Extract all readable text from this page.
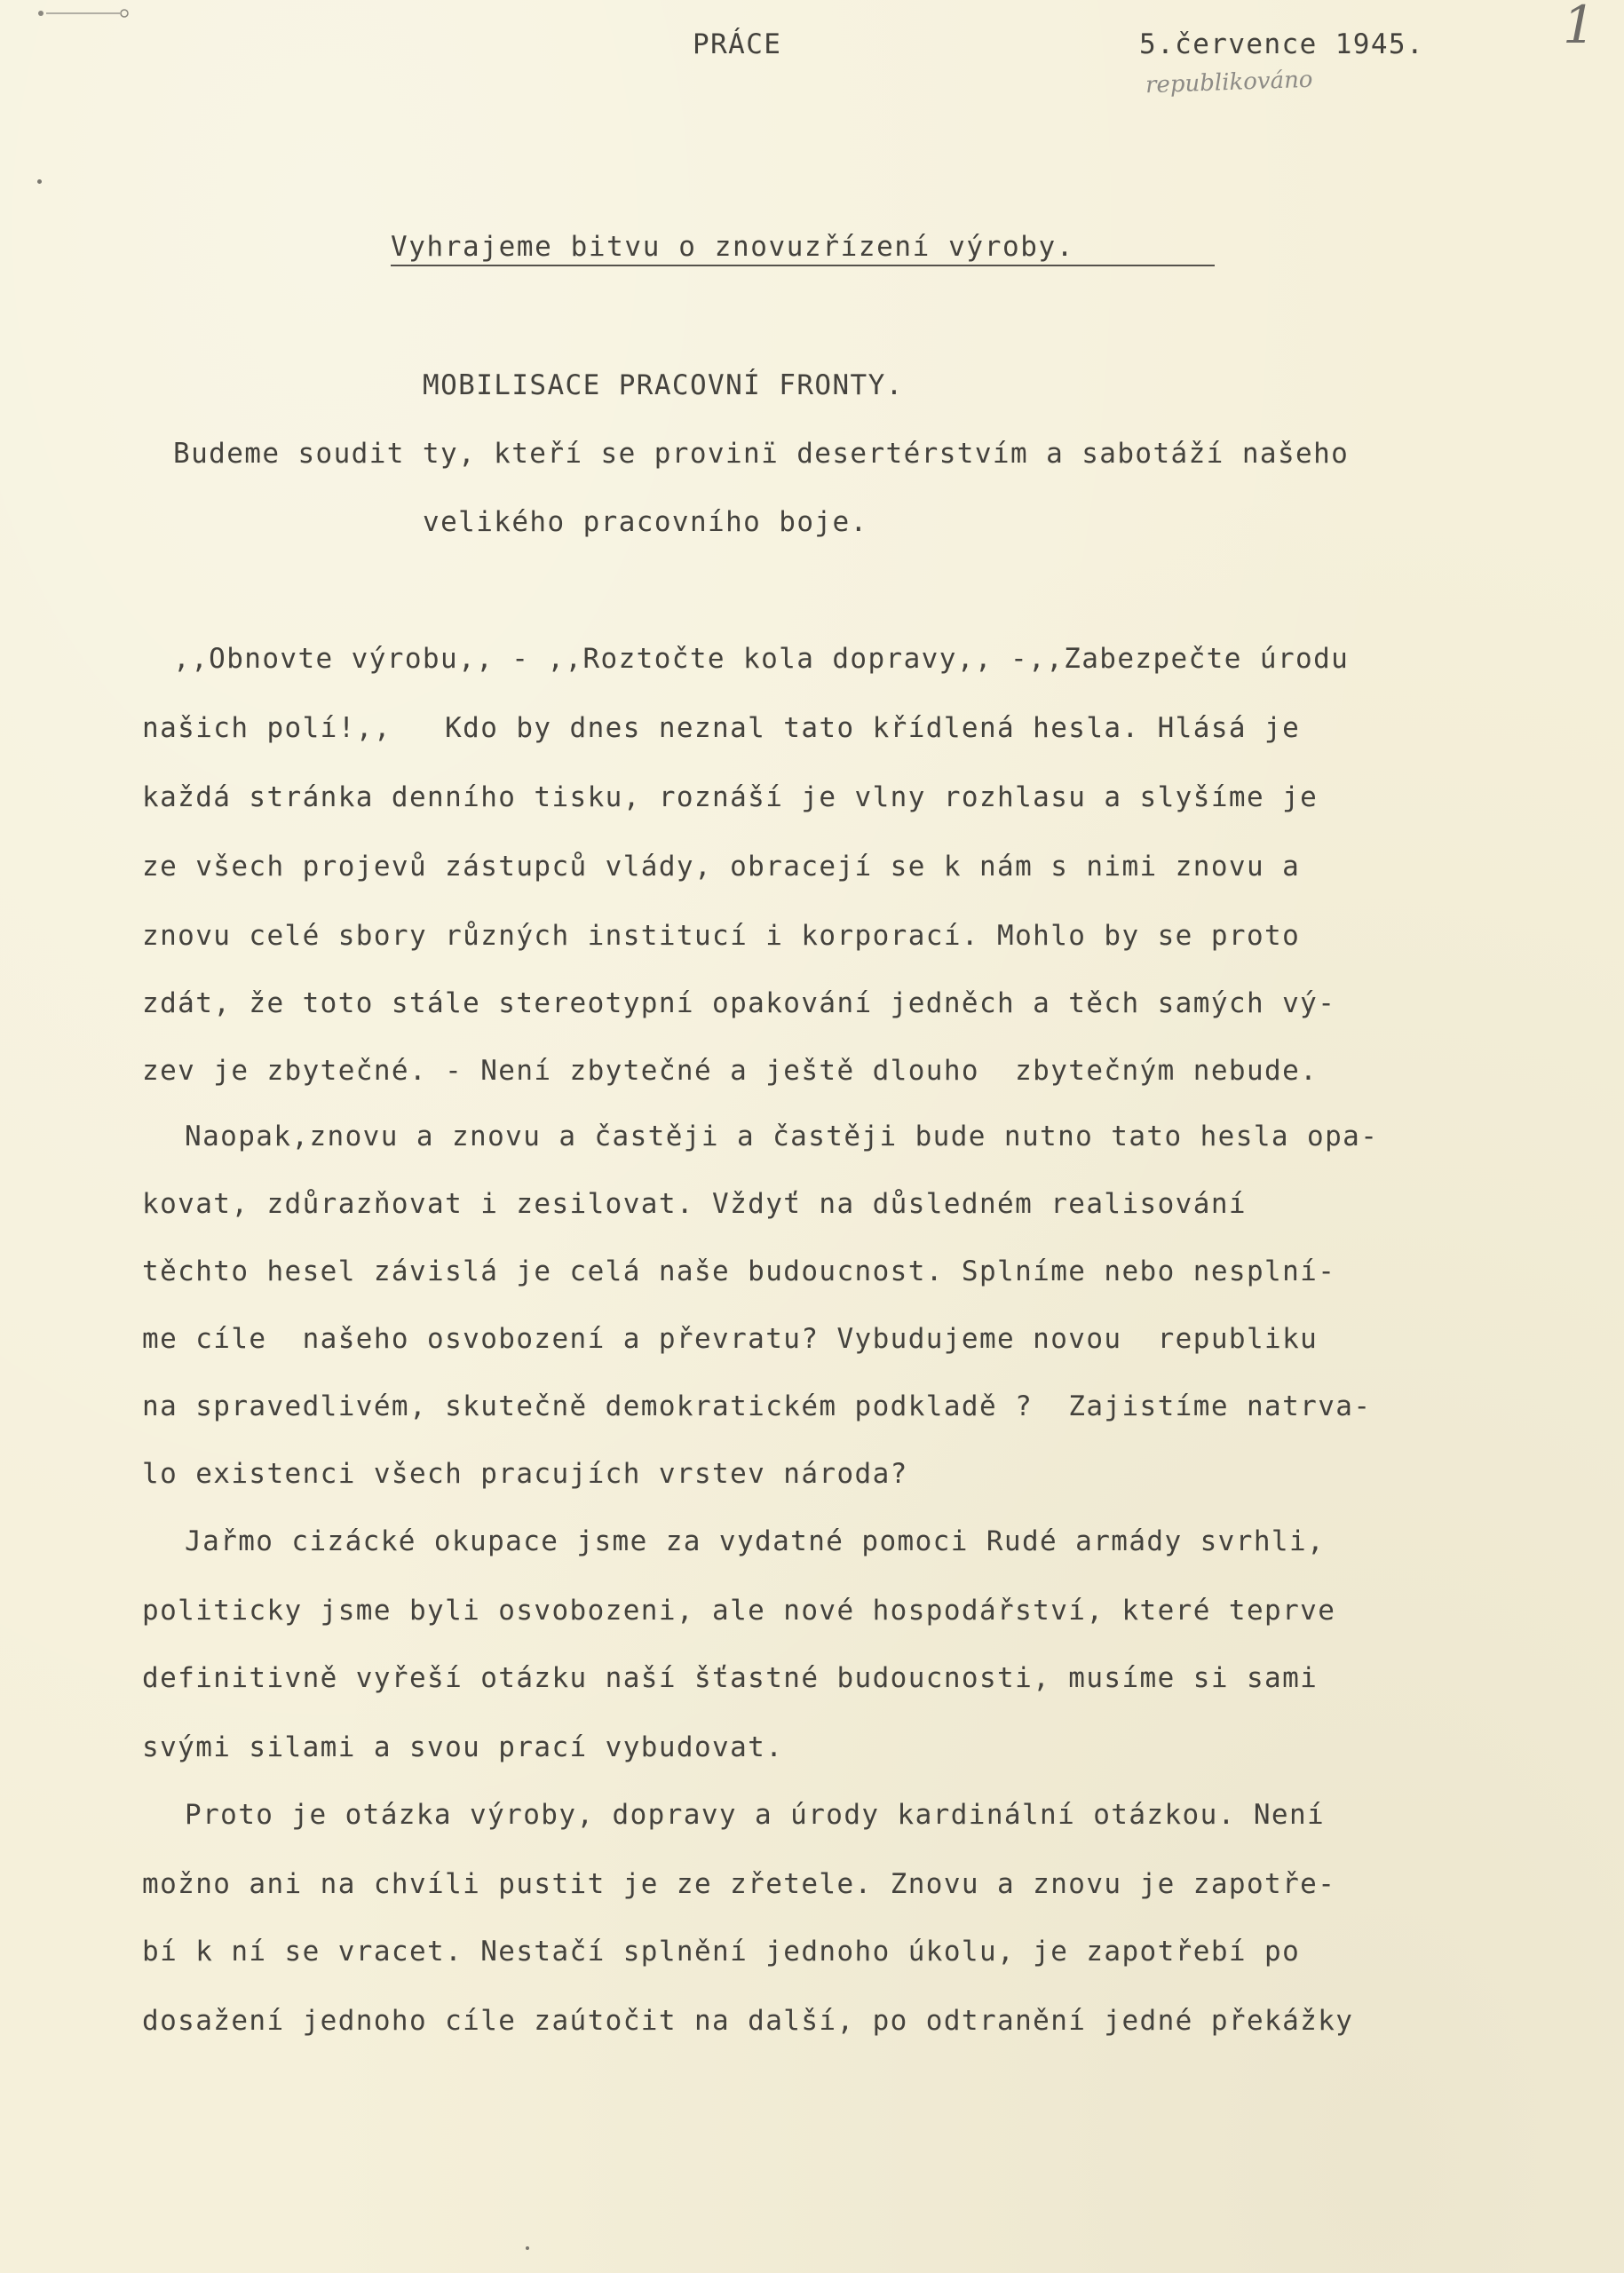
PRÁCE	5.července 1945.
republikováno
1
Vyhrajeme bitvu o znovuzřízení výroby.
MOBILISACE PRACOVNÍ FRONTY.
Budeme soudit ty, kteří se provinï desertérstvím a sabotáží našeho
velikého pracovního boje.
,,Obnovte výrobu,, - ,,Roztočte kola dopravy,, -,,Zabezpečte úrodu
našich polí!,,   Kdo by dnes neznal tato křídlená hesla. Hlásá je
každá stránka denního tisku, roznáší je vlny rozhlasu a slyšíme je
ze všech projevů zástupců vlády, obracejí se k nám s nimi znovu a
znovu celé sbory různých institucí i korporací. Mohlo by se proto
zdát, že toto stále stereotypní opakování jedněch a těch samých vý-
zev je zbytečné. - Není zbytečné a ještě dlouho  zbytečným nebude.
Naopak,znovu a znovu a častěji a častěji bude nutno tato hesla opa-
kovat, zdůrazňovat i zesilovat. Vždyť na důsledném realisování
těchto hesel závislá je celá naše budoucnost. Splníme nebo nesplní-
me cíle  našeho osvobození a převratu? Vybudujeme novou  republiku
na spravedlivém, skutečně demokratickém podkladě ?  Zajistíme natrva-
lo existenci všech pracujích vrstev národa?
Jařmo cizácké okupace jsme za vydatné pomoci Rudé armády svrhli,
politicky jsme byli osvobozeni, ale nové hospodářství, které teprve
definitivně vyřeší otázku naší šťastné budoucnosti, musíme si sami
svými silami a svou prací vybudovat.
Proto je otázka výroby, dopravy a úrody kardinální otázkou. Není
možno ani na chvíli pustit je ze zřetele. Znovu a znovu je zapotře-
bí k ní se vracet. Nestačí splnění jednoho úkolu, je zapotřebí po
dosažení jednoho cíle zaútočit na další, po odtranění jedné překážky
